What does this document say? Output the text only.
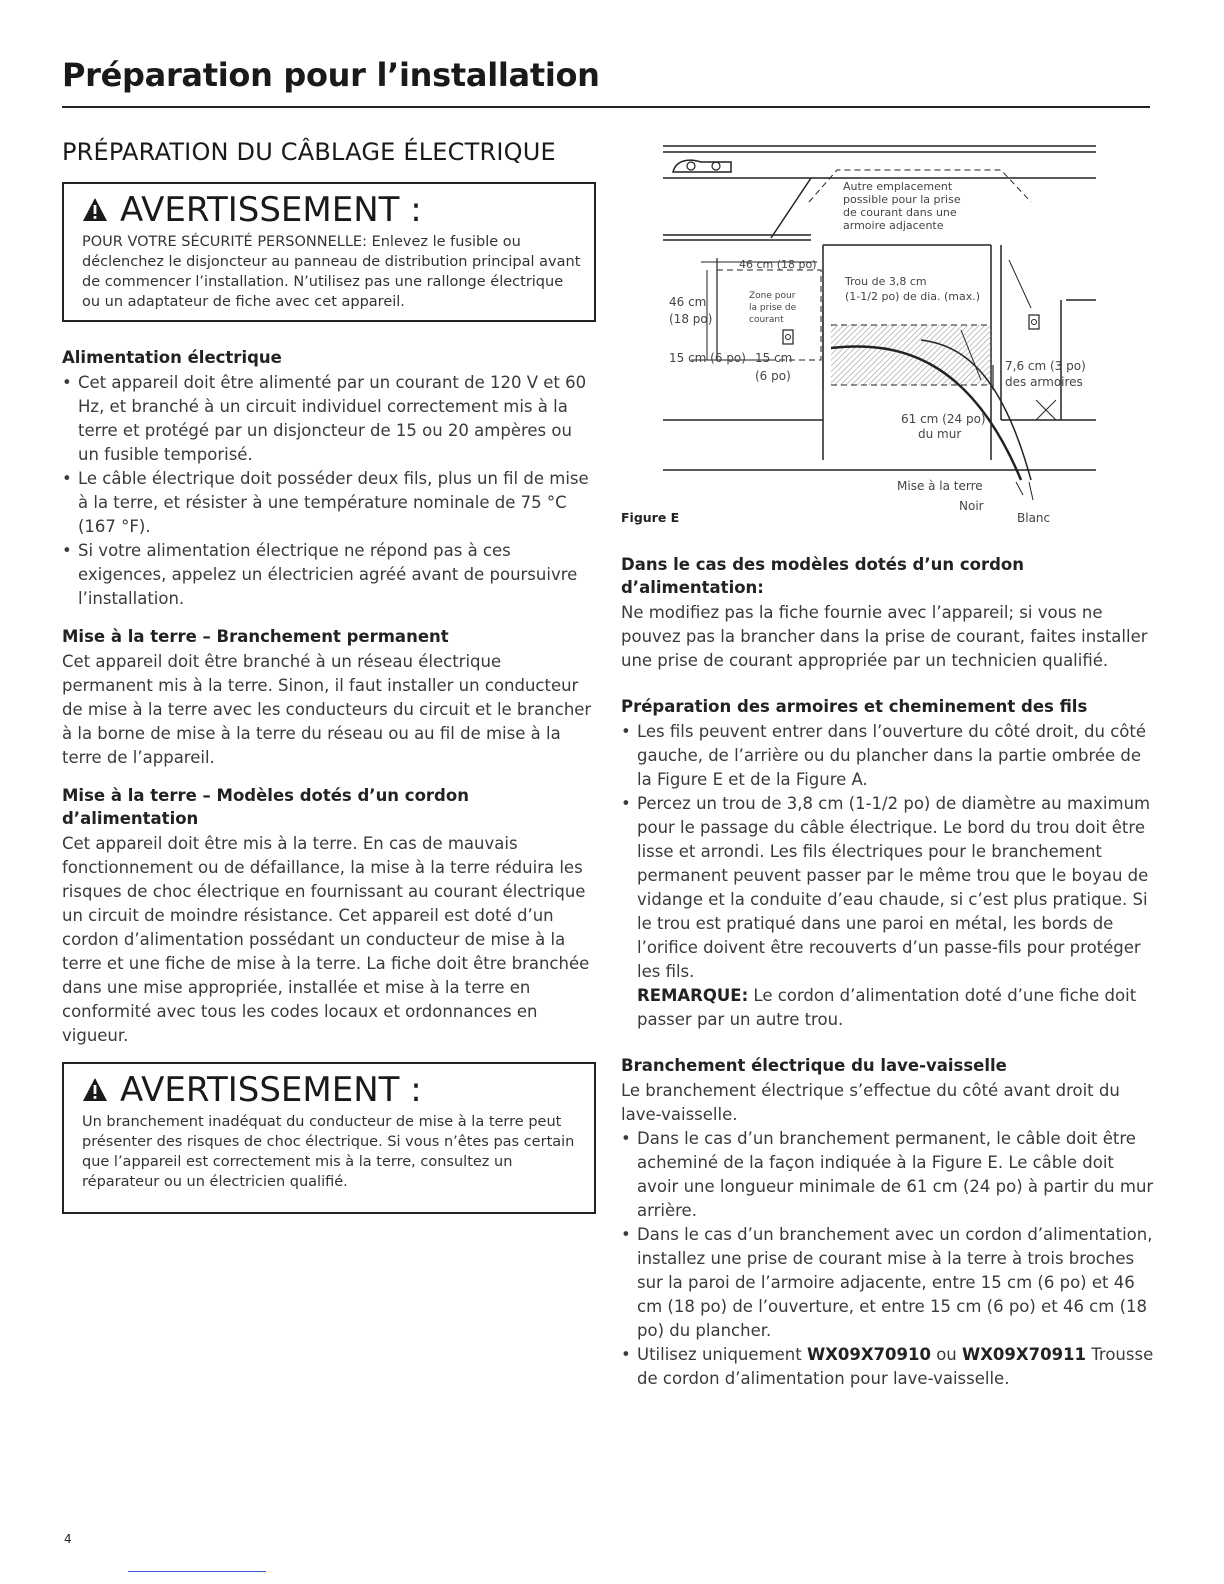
Préparation pour l’installation
PRÉPARATION DU CÂBLAGE ÉLECTRIQUE
AVERTISSEMENT :

POUR VOTRE SÉCURITÉ PERSONNELLE: Enlevez le fusible ou déclenchez le disjoncteur au panneau de distribution principal avant de commencer l’installation. N’utilisez pas une rallonge électrique ou un adaptateur de fiche avec cet appareil.

Alimentation électrique
• Cet appareil doit être alimenté par un courant de 120 V et 60 Hz, et branché à un circuit individuel correctement mis à la terre et protégé par un disjoncteur de 15 ou 20 ampères ou un fusible temporisé.
• Le câble électrique doit posséder deux fils, plus un fil de mise à la terre, et résister à une température nominale de 75 °C (167 °F).
• Si votre alimentation électrique ne répond pas à ces exigences, appelez un électricien agréé avant de poursuivre l’installation.
Mise à la terre – Branchement permanent

Cet appareil doit être branché à un réseau électrique permanent mis à la terre. Sinon, il faut installer un conducteur de mise à la terre avec les conducteurs du circuit et le brancher à la borne de mise à la terre du réseau ou au fil de mise à la terre de l’appareil.

Mise à la terre – Modèles dotés d’un cordon d’alimentation

Cet appareil doit être mis à la terre. En cas de mauvais fonctionnement ou de défaillance, la mise à la terre réduira les risques de choc électrique en fournissant au courant électrique un circuit de moindre résistance. Cet appareil est doté d’un cordon d’alimentation possédant un conducteur de mise à la terre et une fiche de mise à la terre. La fiche doit être branchée dans une mise appropriée, installée et mise à la terre en conformité avec tous les codes locaux et ordonnances en vigueur.

AVERTISSEMENT :

Un branchement inadéquat du conducteur de mise à la terre peut présenter des risques de choc électrique. Si vous n’êtes pas certain que l’appareil est correctement mis à la terre, consultez un réparateur ou un électricien qualifié.

Autre emplacement
possible pour la prise
de courant dans une
armoire adjacente
46 cm (18 po)
46 cm
(18 po)
Zone pour
la prise de
courant
Trou de 3,8 cm
(1-1/2 po) de dia. (max.)
15 cm (6 po) 15 cm
(6 po)
7,6 cm (3 po)
des armoires
61 cm (24 po)
du mur
Mise à la terre
Noir
Blanc
Figure E
Dans le cas des modèles dotés d’un cordon d’alimentation:

Ne modifiez pas la fiche fournie avec l’appareil; si vous ne pouvez pas la brancher dans la prise de courant, faites installer une prise de courant appropriée par un technicien qualifié.

Préparation des armoires et cheminement des fils
• Les fils peuvent entrer dans l’ouverture du côté droit, du côté gauche, de l’arrière ou du plancher dans la partie ombrée de la Figure E et de la Figure A.
• Percez un trou de 3,8 cm (1-1/2 po) de diamètre au maximum pour le passage du câble électrique. Le bord du trou doit être lisse et arrondi. Les fils électriques pour le branchement permanent peuvent passer par le même trou que le boyau de vidange et la conduite d’eau chaude, si c’est plus pratique. Si le trou est pratiqué dans une paroi en métal, les bords de l’orifice doivent être recouverts d’un passe-fils pour protéger les fils.

REMARQUE: Le cordon d’alimentation doté d’une fiche doit passer par un autre trou.

Branchement électrique du lave-vaisselle

Le branchement électrique s’effectue du côté avant droit du lave-vaisselle.

• Dans le cas d’un branchement permanent, le câble doit être acheminé de la façon indiquée à la Figure E. Le câble doit avoir une longueur minimale de 61 cm (24 po) à partir du mur arrière.
• Dans le cas d’un branchement avec un cordon d’alimentation, installez une prise de courant mise à la terre à trois broches sur la paroi de l’armoire adjacente, entre 15 cm (6 po) et 46 cm (18 po) de l’ouverture, et entre 15 cm (6 po) et 46 cm (18 po) du plancher.
• Utilisez uniquement WX09X70910 ou WX09X70911 Trousse de cordon d’alimentation pour lave-vaisselle.
4
